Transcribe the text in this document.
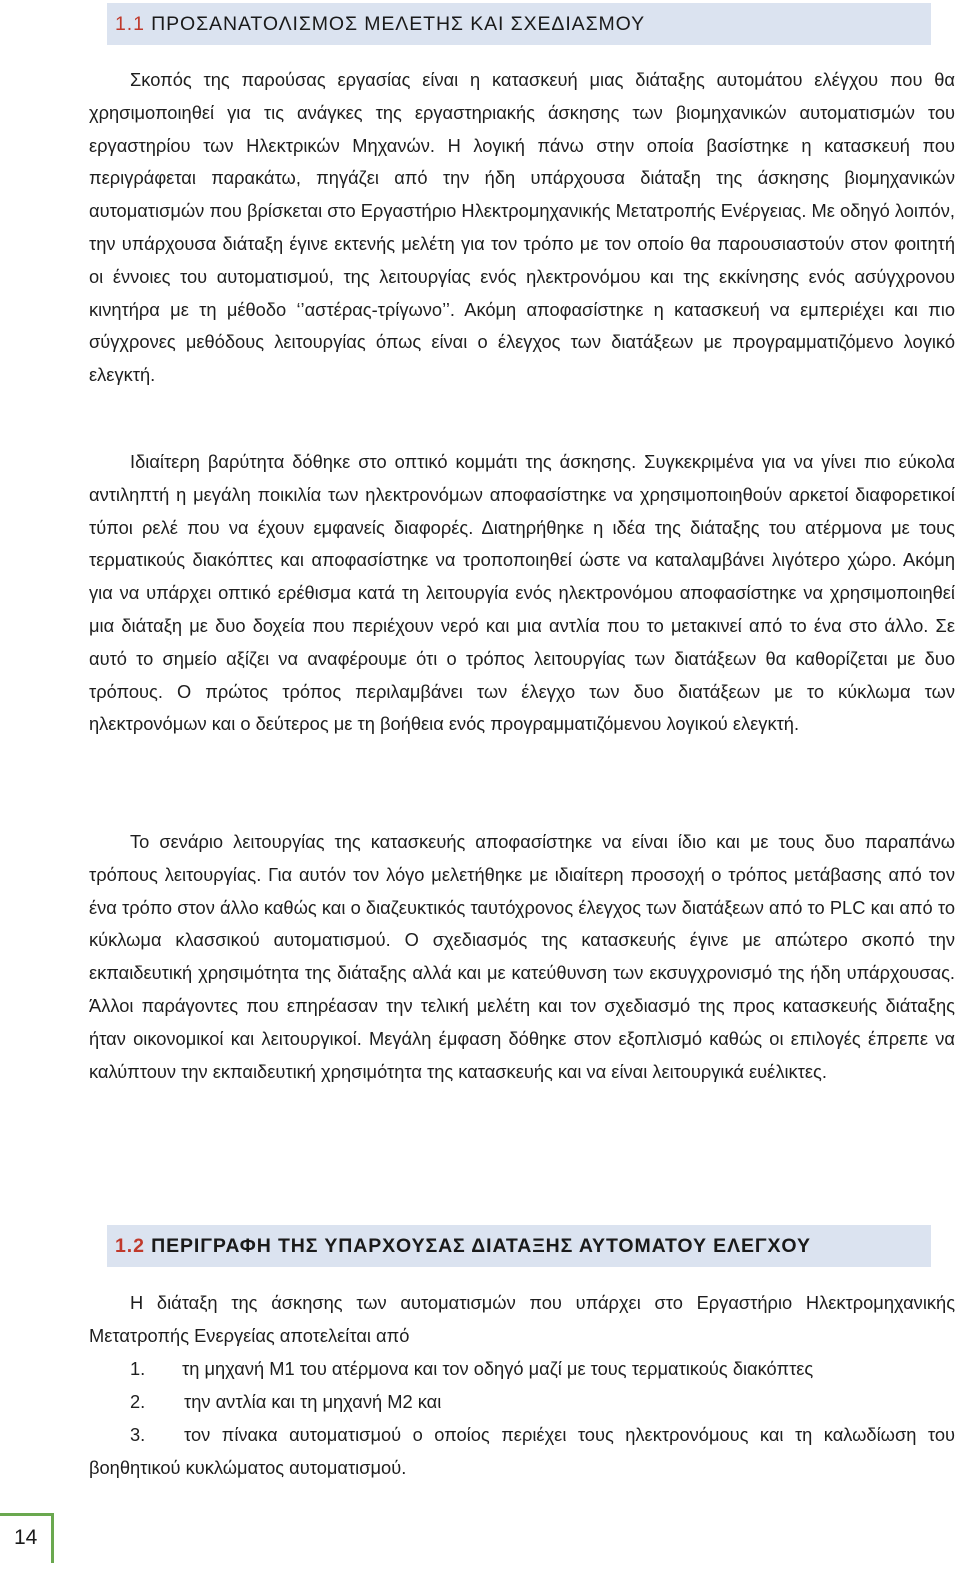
1.1 ΠΡΟΣΑΝΑΤΟΛΙΣΜΟΣ ΜΕΛΕΤΗΣ ΚΑΙ ΣΧΕΔΙΑΣΜΟΥ

Σκοπός της παρούσας εργασίας είναι η κατασκευή μιας διάταξης αυτομάτου ελέγχου που θα χρησιμοποιηθεί για τις ανάγκες της εργαστηριακής άσκησης των βιομηχανικών αυτοματισμών του εργαστηρίου των Ηλεκτρικών Μηχανών. Η λογική πάνω στην οποία βασίστηκε η κατασκευή που περιγράφεται παρακάτω, πηγάζει από την ήδη υπάρχουσα διάταξη της άσκησης βιομηχανικών αυτοματισμών που βρίσκεται στο Εργαστήριο Ηλεκτρομηχανικής Μετατροπής Ενέργειας. Με οδηγό λοιπόν, την υπάρχουσα διάταξη έγινε εκτενής μελέτη για τον τρόπο με τον οποίο θα παρουσιαστούν στον φοιτητή οι έννοιες του αυτοματισμού, της λειτουργίας ενός ηλεκτρονόμου και της εκκίνησης ενός ασύγχρονου κινητήρα με τη μέθοδο ‘’αστέρας-τρίγωνο’’. Ακόμη αποφασίστηκε η κατασκευή να εμπεριέχει και πιο σύγχρονες μεθόδους λειτουργίας όπως είναι ο έλεγχος των διατάξεων με προγραμματιζόμενο λογικό ελεγκτή.

Ιδιαίτερη βαρύτητα δόθηκε στο οπτικό κομμάτι της άσκησης. Συγκεκριμένα για να γίνει πιο εύκολα αντιληπτή η μεγάλη ποικιλία των ηλεκτρονόμων αποφασίστηκε να χρησιμοποιηθούν αρκετοί διαφορετικοί τύποι ρελέ που να έχουν εμφανείς διαφορές. Διατηρήθηκε η ιδέα της διάταξης του ατέρμονα με τους τερματικούς διακόπτες και αποφασίστηκε να τροποποιηθεί ώστε να καταλαμβάνει λιγότερο χώρο. Ακόμη για να υπάρχει οπτικό ερέθισμα κατά τη λειτουργία ενός ηλεκτρονόμου αποφασίστηκε να χρησιμοποιηθεί μια διάταξη με δυο δοχεία που περιέχουν νερό και μια αντλία που το μετακινεί από το ένα στο άλλο. Σε αυτό το σημείο αξίζει να αναφέρουμε ότι ο τρόπος λειτουργίας των διατάξεων θα καθορίζεται με δυο τρόπους. Ο πρώτος τρόπος περιλαμβάνει των έλεγχο των δυο διατάξεων με το κύκλωμα των ηλεκτρονόμων και ο δεύτερος με τη βοήθεια ενός προγραμματιζόμενου λογικού ελεγκτή.

Το σενάριο λειτουργίας της κατασκευής αποφασίστηκε να είναι ίδιο και με τους δυο παραπάνω τρόπους λειτουργίας. Για αυτόν τον λόγο μελετήθηκε με ιδιαίτερη προσοχή ο τρόπος μετάβασης από τον ένα τρόπο στον άλλο καθώς και ο διαζευκτικός ταυτόχρονος έλεγχος των διατάξεων από το PLC και από το κύκλωμα κλασσικού αυτοματισμού. Ο σχεδιασμός της κατασκευής έγινε με απώτερο σκοπό την εκπαιδευτική χρησιμότητα της διάταξης αλλά και με κατεύθυνση των εκσυγχρονισμό της ήδη υπάρχουσας. Άλλοι παράγοντες που επηρέασαν την τελική μελέτη και τον σχεδιασμό της προς κατασκευής διάταξης ήταν οικονομικοί και λειτουργικοί. Μεγάλη έμφαση δόθηκε στον εξοπλισμό καθώς οι επιλογές έπρεπε να καλύπτουν την εκπαιδευτική χρησιμότητα της κατασκευής και να είναι λειτουργικά ευέλικτες.

1.2 ΠΕΡΙΓΡΑΦΗ ΤΗΣ ΥΠΑΡΧΟΥΣΑΣ ΔΙΑΤΑΞΗΣ ΑΥΤΟΜΑΤΟΥ ΕΛΕΓΧΟΥ

Η διάταξη της άσκησης των αυτοματισμών που υπάρχει στο Εργαστήριο Ηλεκτρομηχανικής Μετατροπής Ενεργείας αποτελείται από

1. τη μηχανή Μ1 του ατέρμονα και τον οδηγό μαζί με τους τερματικούς διακόπτες

2. την αντλία και τη μηχανή Μ2 και

3. τον πίνακα αυτοματισμού ο οποίος περιέχει τους ηλεκτρονόμους και τη καλωδίωση του βοηθητικού κυκλώματος αυτοματισμού.

14
